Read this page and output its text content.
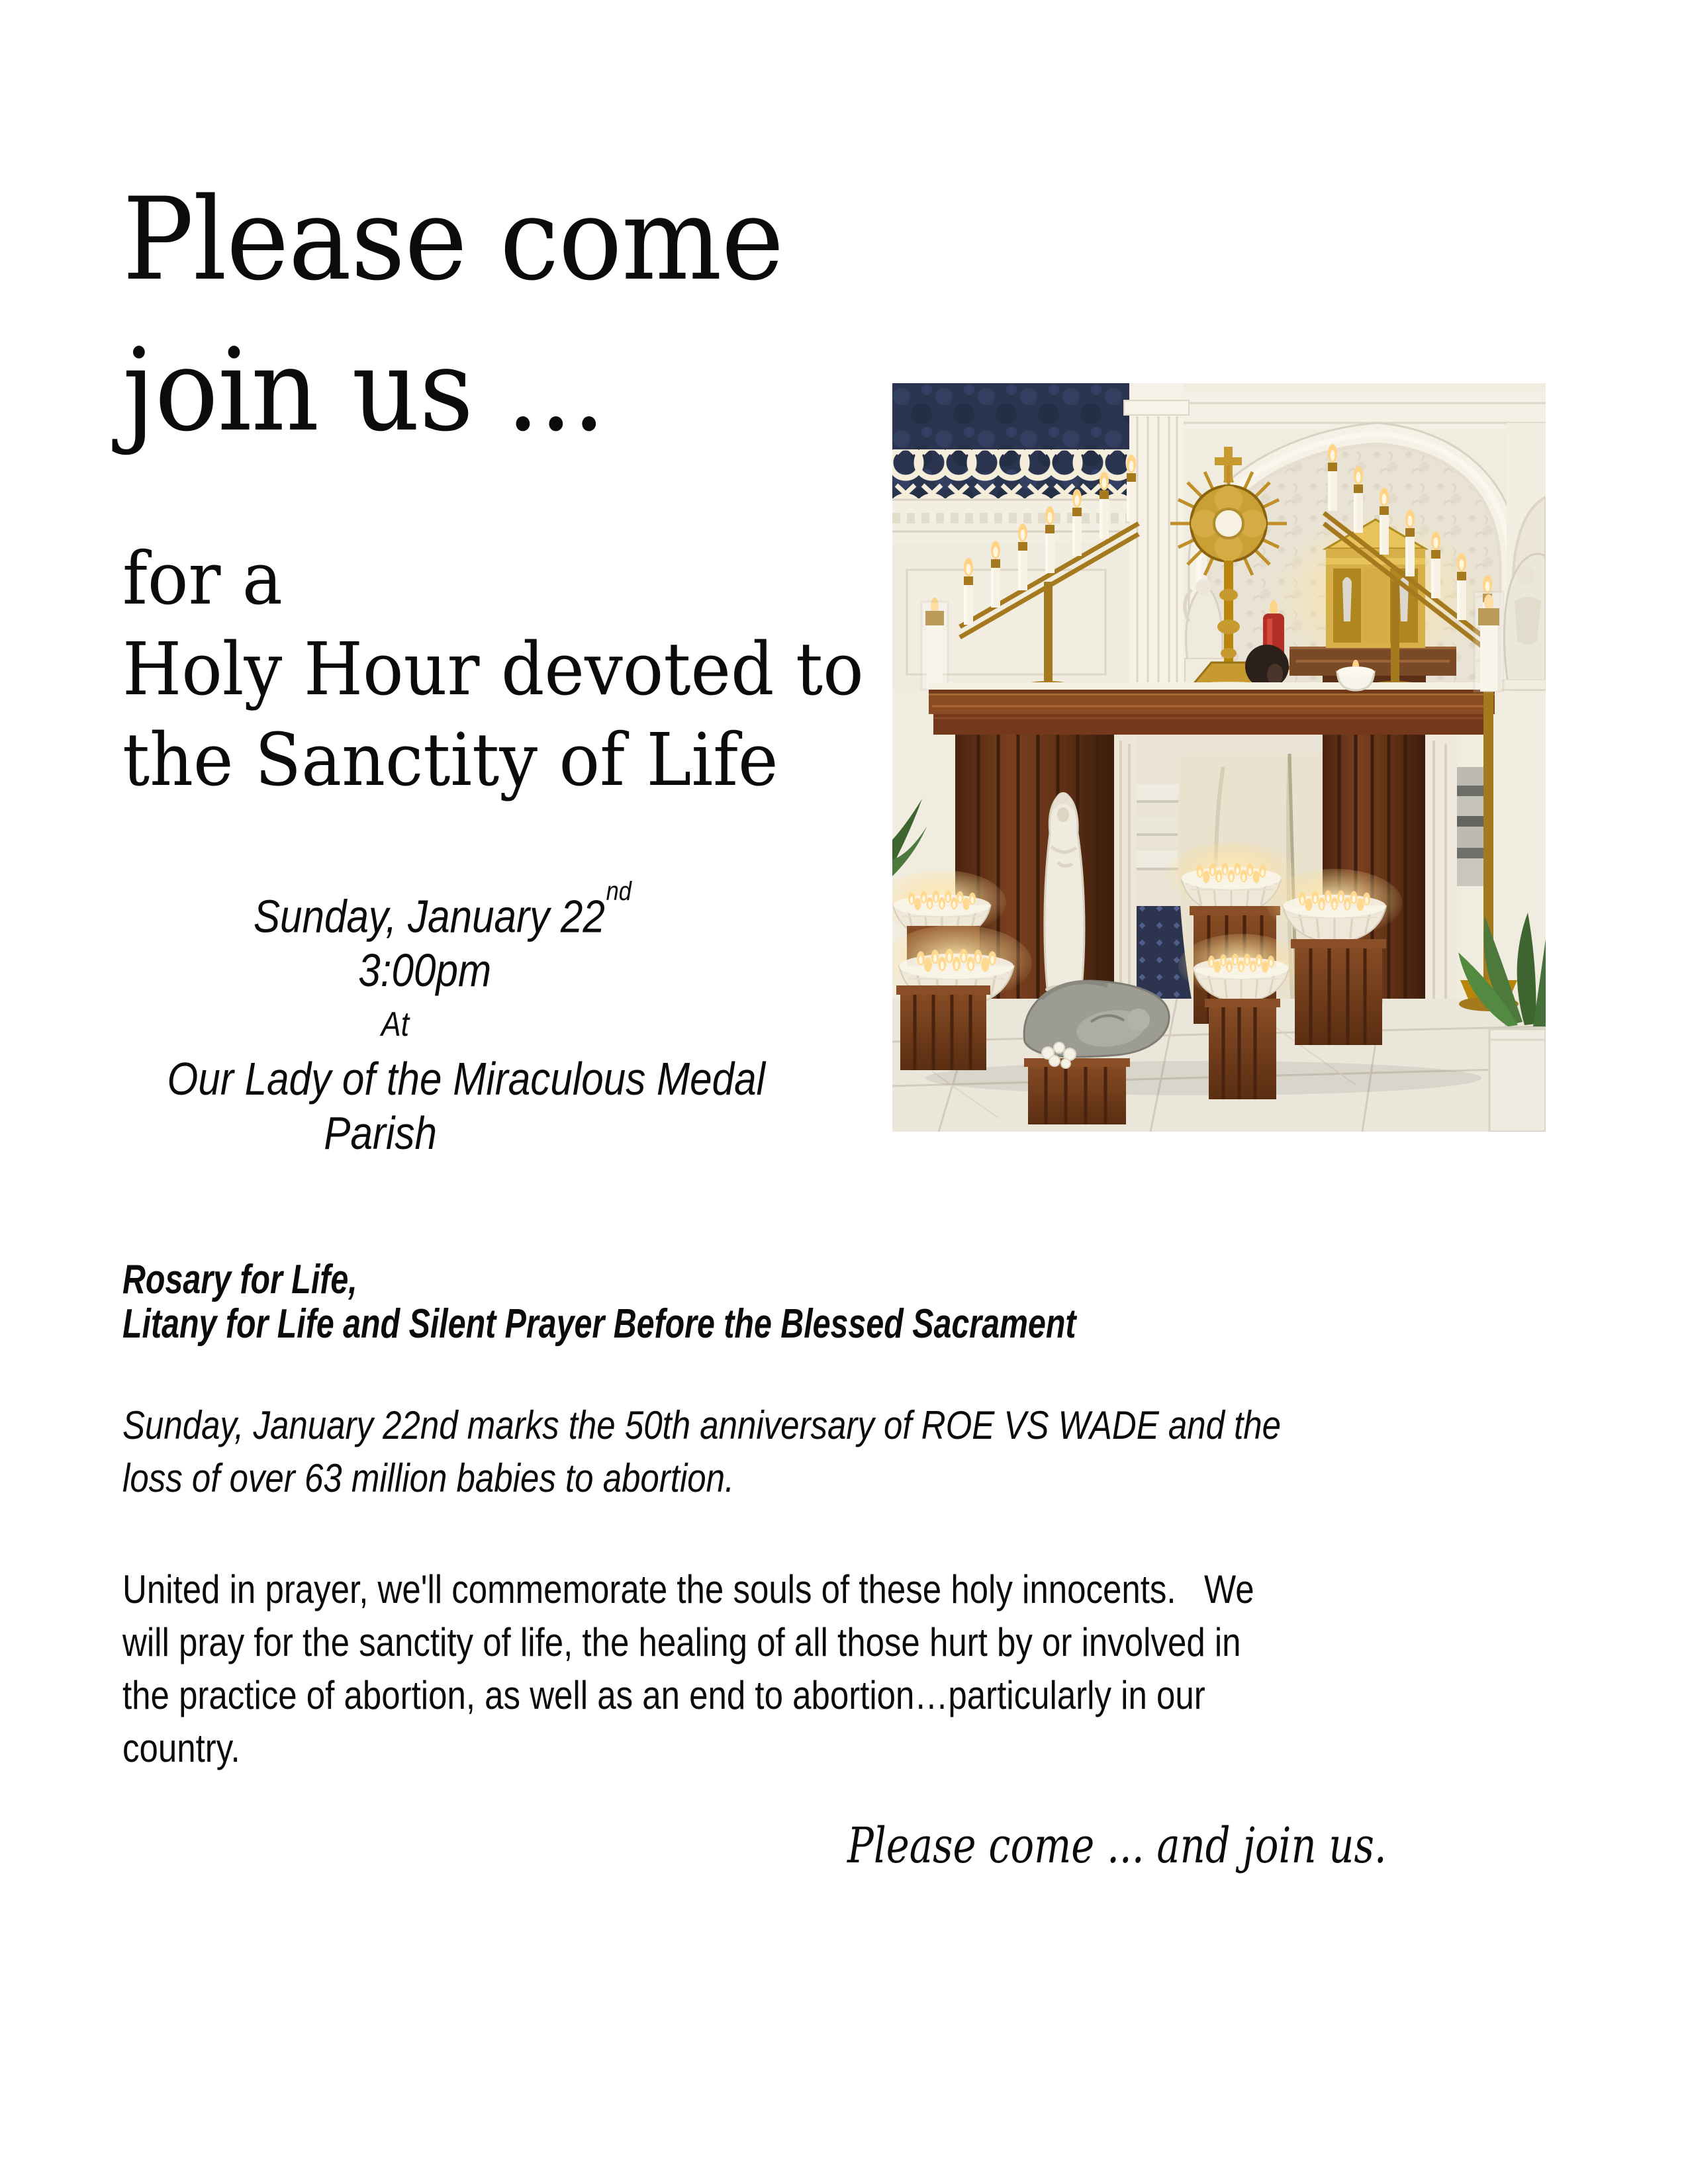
Please come
join us ...
for a
Holy Hour devoted to
the Sanctity of Life
Sunday, January 22nd
3:00pm
At
Our Lady of the Miraculous Medal
Parish
Rosary for Life,
Litany for Life and Silent Prayer Before the Blessed Sacrament
Sunday, January 22nd marks the 50th anniversary of ROE VS WADE and the
loss of over 63 million babies to abortion.
United in prayer, we'll commemorate the souls of these holy innocents.   We
will pray for the sanctity of life, the healing of all those hurt by or involved in
the practice of abortion, as well as an end to abortion…particularly in our
country.
Please come ... and join us.
